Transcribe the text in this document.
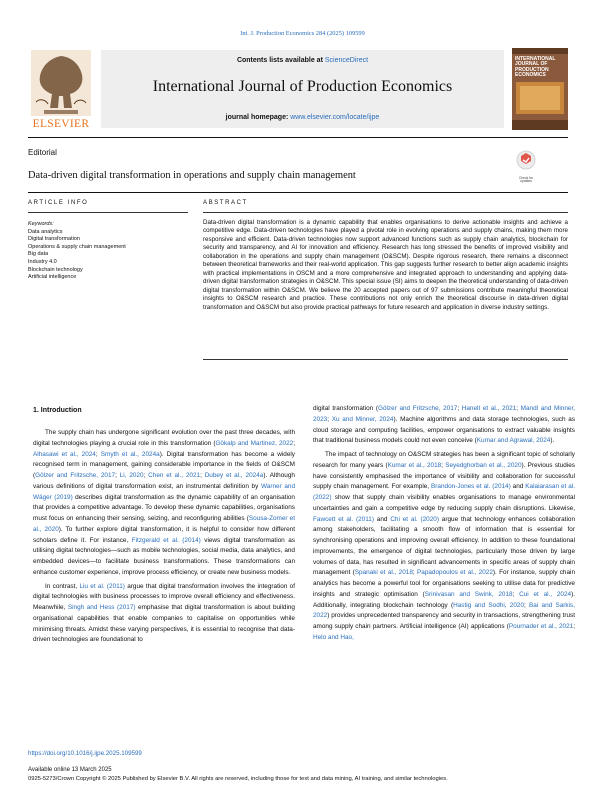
Int. J. Production Economics 284 (2025) 109599
ELSEVIER
Contents lists available at ScienceDirect
International Journal of Production Economics
journal homepage: www.elsevier.com/locate/ijpe
INTERNATIONAL JOURNAL OF PRODUCTION ECONOMICS
Editorial
Data-driven digital transformation in operations and supply chain management	Check for updates
ARTICLE INFO
Keywords:
Data analytics
Digital transformation
Operations & supply chain management
Big data
Industry 4.0
Blockchain technology
Artificial intelligence
ABSTRACT
Data-driven digital transformation is a dynamic capability that enables organisations to derive actionable insights and achieve a competitive edge. Data-driven technologies have played a pivotal role in evolving operations and supply chains, making them more responsive and efficient. Data-driven technologies now support advanced functions such as supply chain analytics, blockchain for security and transparency, and AI for innovation and efficiency. Research has long stressed the benefits of improved visibility and collaboration in the operations and supply chain management (O&SCM). Despite rigorous research, there remains a disconnect between theoretical frameworks and their real-world application. This gap suggests further research to better align academic insights with practical implementations in OSCM and a more comprehensive and integrated approach to understanding and applying data-driven digital transformation strategies in O&SCM. This special issue (SI) aims to deepen the theoretical understanding of data-driven digital transformation within O&SCM. We believe the 20 accepted papers out of 97 submissions contribute meaningful theoretical insights to O&SCM research and practice. These contributions not only enrich the theoretical discourse in data-driven digital transformation and O&SCM but also provide practical pathways for future research and application in diverse industry settings.
1. Introduction

The supply chain has undergone significant evolution over the past three decades, with digital technologies playing a crucial role in this transformation (Gökalp and Martinez, 2022; Alhasawi et al., 2024; Smyth et al., 2024a). Digital transformation has become a widely recognised term in management, gaining considerable importance in the fields of O&SCM (Gölzer and Fritzsche, 2017; Li, 2020; Chen et al., 2021; Dubey et al., 2024a). Although various definitions of digital transformation exist, an instrumental definition by Warner and Wäger (2019) describes digital transformation as the dynamic capability of an organisation that provides a competitive advantage. To develop these dynamic capabilities, organisations must focus on enhancing their sensing, seizing, and reconfiguring abilities (Sousa-Zomer et al., 2020). To further explore digital transformation, it is helpful to consider how different scholars define it. For instance, Fitzgerald et al. (2014) views digital transformation as utilising digital technologies—such as mobile technologies, social media, data analytics, and embedded devices—to facilitate business transformations. These transformations can enhance customer experience, improve process efficiency, or create new business models.

In contrast, Liu et al. (2011) argue that digital transformation involves the integration of digital technologies with business processes to improve overall efficiency and effectiveness. Meanwhile, Singh and Hess (2017) emphasise that digital transformation is about building organisational capabilities that enable companies to capitalise on opportunities while minimising threats. Amidst these varying perspectives, it is essential to recognise that data-driven technologies are foundational to

digital transformation (Gölzer and Fritzsche, 2017; Hanelt et al., 2021; Mandl and Minner, 2023; Xu and Minner, 2024). Machine algorithms and data storage technologies, such as cloud storage and computing facilities, empower organisations to extract valuable insights that traditional business models could not even conceive (Kumar and Agrawal, 2024).

The impact of technology on O&SCM strategies has been a significant topic of scholarly research for many years (Kumar et al., 2018; Seyedghorban et al., 2020). Previous studies have consistently emphasised the importance of visibility and collaboration for successful supply chain management. For example, Brandon-Jones et al. (2014) and Kalaiarasan et al. (2022) show that supply chain visibility enables organisations to manage environmental uncertainties and gain a competitive edge by reducing supply chain disruptions. Likewise, Fawcett et al. (2011) and Chi et al. (2020) argue that technology enhances collaboration among stakeholders, facilitating a smooth flow of information that is essential for synchronising operations and improving overall efficiency. In addition to these foundational improvements, the emergence of digital technologies, particularly those driven by large volumes of data, has resulted in significant advancements in specific areas of supply chain management (Spanaki et al., 2018; Papadopoulos et al., 2022). For instance, supply chain analytics has become a powerful tool for organisations seeking to utilise data for predictive insights and strategic optimisation (Srinivasan and Swink, 2018; Cui et al., 2024). Additionally, integrating blockchain technology (Hastig and Sodhi, 2020; Bai and Sarkis, 2022) provides unprecedented transparency and security in transactions, strengthening trust among supply chain partners. Artificial intelligence (AI) applications (Pournader et al., 2021; Helo and Hao,

https://doi.org/10.1016/j.ijpe.2025.109599
Available online 13 March 2025
0925-5273/Crown Copyright © 2025 Published by Elsevier B.V. All rights are reserved, including those for text and data mining, AI training, and similar technologies.
